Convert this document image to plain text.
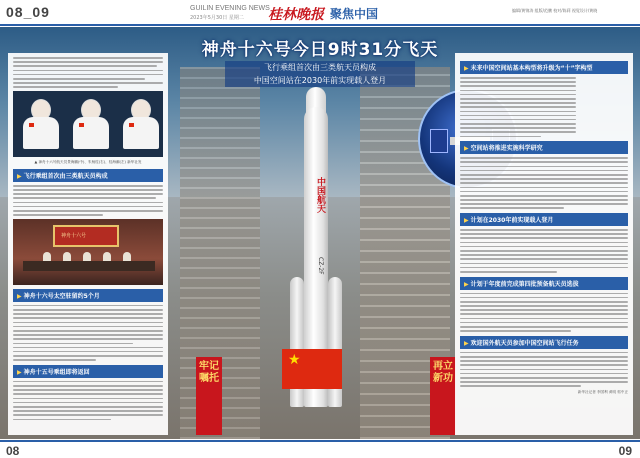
08_09	GUILIN EVENING NEWS
2023年5月30日 星期二 桂林晚报 聚焦中国	编辑/黄锦涛 组版/范鹏 校对/陈莉 视觉设计/黄晓
中国航天
CZ-2F
★
牢记嘱托
再立新功
神舟十六号今日9时31分飞天
飞行乘组首次由三类航天员构成
中国空间站在2030年前实现载人登月
▲ 神舟十六号航天员景海鹏(中)、朱杨柱(右)、桂海潮(左) 新华社发
▶ 飞行乘组首次由三类航天员构成
神舟十六号
▶ 神舟十六号太空驻留约5个月
▶ 神舟十五号乘组即将返回
▶ 未来中国空间站基本构型将升级为“十”字构型
▶ 空间站将推进实施科学研究
▶ 计划在2030年前实现载人登月
▶ 计划于年度前完成第四批预备航天员选拔
▶ 欢迎国外航天员参加中国空间站飞行任务
新华社记者 李国利 黄明 郭中正
08	09
